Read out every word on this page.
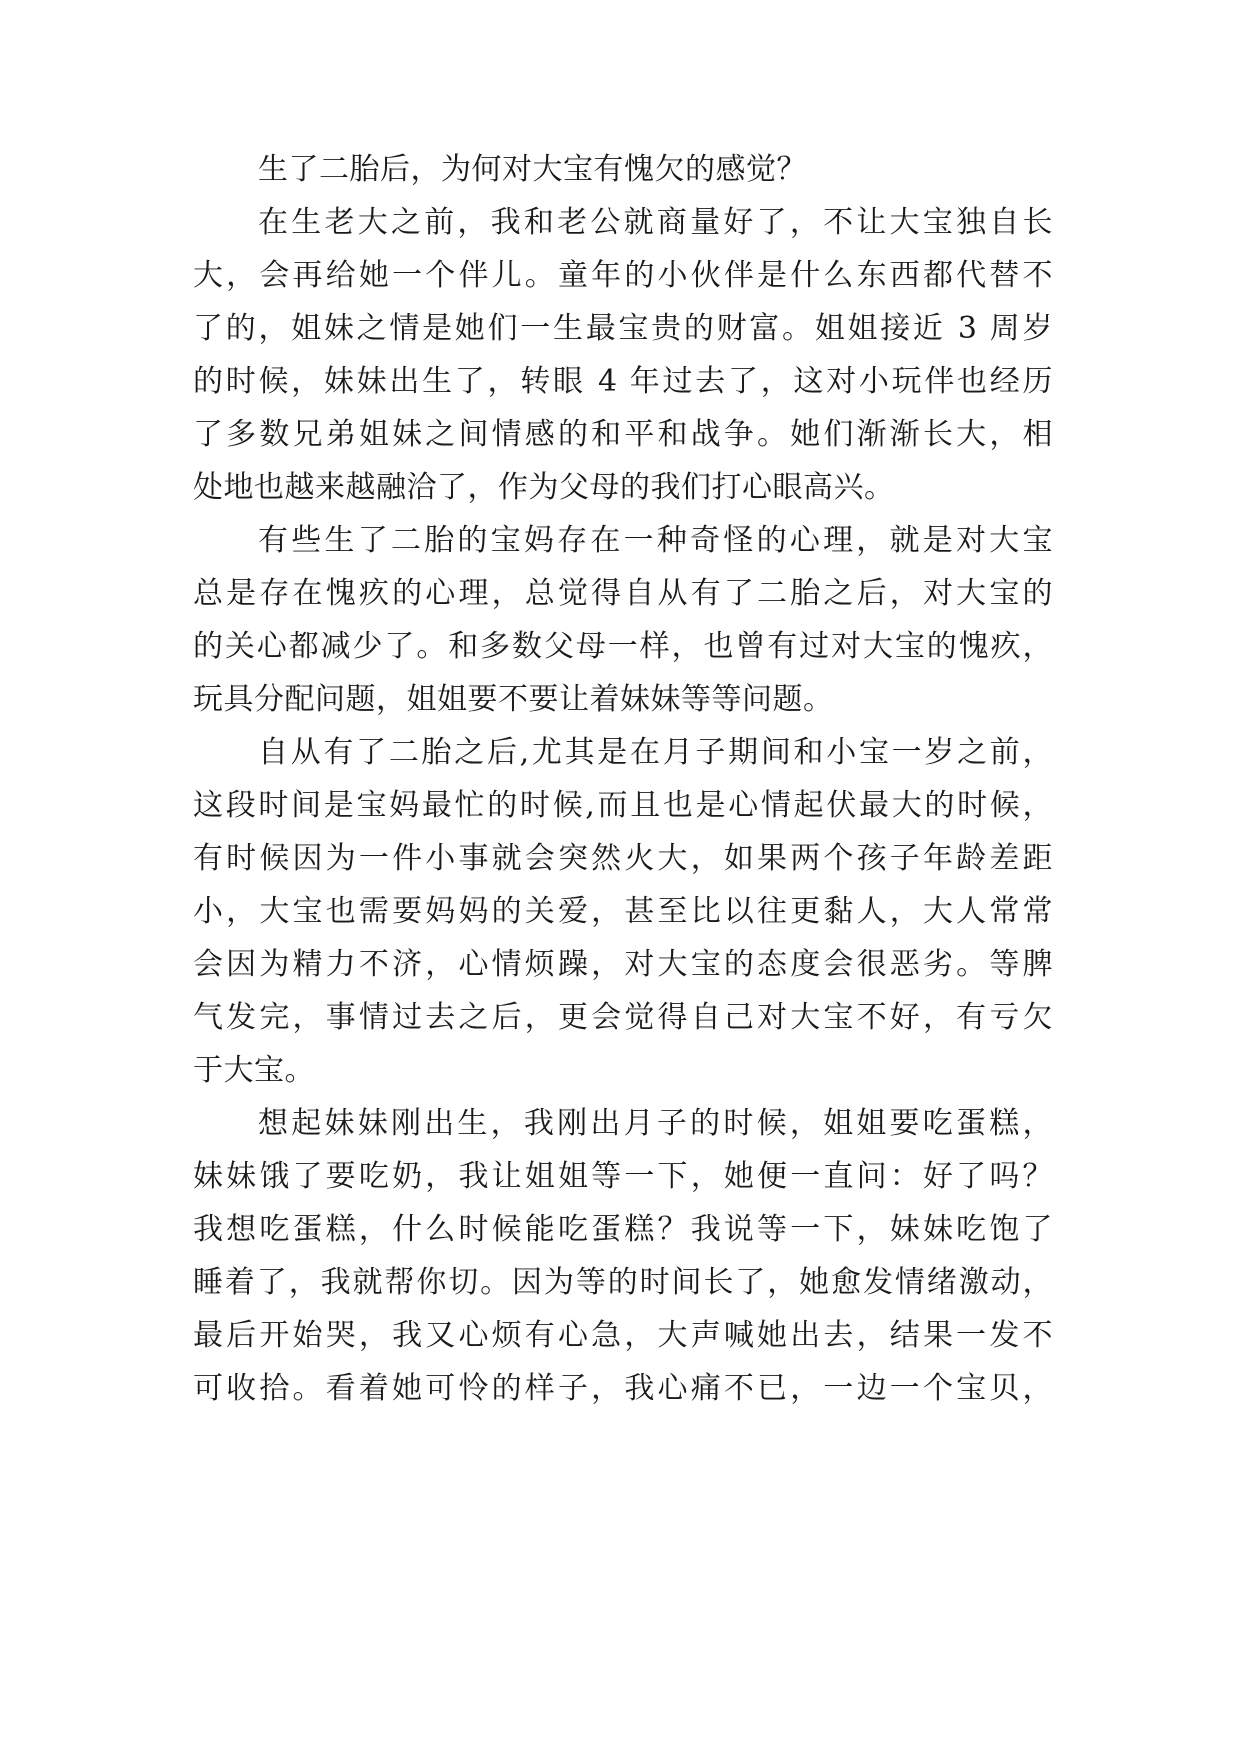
生了二胎后，为何对大宝有愧欠的感觉？

在生老大之前，我和老公就商量好了，不让大宝独自长

大，会再给她一个伴儿。童年的小伙伴是什么东西都代替不

了的，姐妹之情是她们一生最宝贵的财富。姐姐接近 3 周岁

的时候，妹妹出生了，转眼 4 年过去了，这对小玩伴也经历

了多数兄弟姐妹之间情感的和平和战争。她们渐渐长大，相

处地也越来越融洽了，作为父母的我们打心眼高兴。

有些生了二胎的宝妈存在一种奇怪的心理，就是对大宝

总是存在愧疚的心理，总觉得自从有了二胎之后，对大宝的

的关心都减少了。和多数父母一样，也曾有过对大宝的愧疚，

玩具分配问题，姐姐要不要让着妹妹等等问题。

自从有了二胎之后,尤其是在月子期间和小宝一岁之前，

这段时间是宝妈最忙的时候,而且也是心情起伏最大的时候，

有时候因为一件小事就会突然火大，如果两个孩子年龄差距

小，大宝也需要妈妈的关爱，甚至比以往更黏人，大人常常

会因为精力不济，心情烦躁，对大宝的态度会很恶劣。等脾

气发完，事情过去之后，更会觉得自己对大宝不好，有亏欠

于大宝。

想起妹妹刚出生，我刚出月子的时候，姐姐要吃蛋糕，

妹妹饿了要吃奶，我让姐姐等一下，她便一直问：好了吗？

我想吃蛋糕，什么时候能吃蛋糕？我说等一下，妹妹吃饱了

睡着了，我就帮你切。因为等的时间长了，她愈发情绪激动，

最后开始哭，我又心烦有心急，大声喊她出去，结果一发不

可收拾。看着她可怜的样子，我心痛不已，一边一个宝贝，
